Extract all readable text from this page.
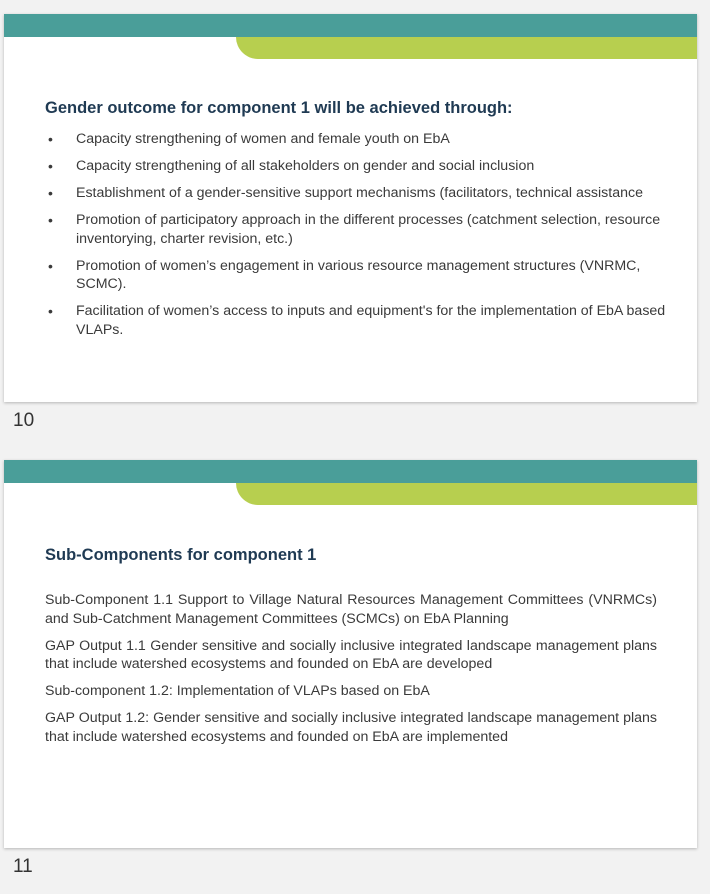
Gender outcome for component 1 will be achieved through:
• Capacity strengthening of women and female youth on EbA
• Capacity strengthening of all stakeholders on gender and social inclusion
• Establishment of a gender-sensitive support mechanisms (facilitators, technical assistance
• Promotion of participatory approach in the different processes (catchment selection, resource inventorying, charter revision, etc.)
• Promotion of women’s engagement in various resource management structures (VNRMC, SCMC).
• Facilitation of women’s access to inputs and equipment's for the implementation of EbA based VLAPs.
10
Sub-Components for component 1

Sub-Component 1.1 Support to Village Natural Resources Management Committees (VNRMCs) and Sub-Catchment Management Committees (SCMCs) on EbA Planning

GAP Output 1.1 Gender sensitive and socially inclusive integrated landscape management plans that include watershed ecosystems and founded on EbA are developed

Sub-component 1.2: Implementation of VLAPs based on EbA

GAP Output 1.2: Gender sensitive and socially inclusive integrated landscape management plans that include watershed ecosystems and founded on EbA are implemented

11
